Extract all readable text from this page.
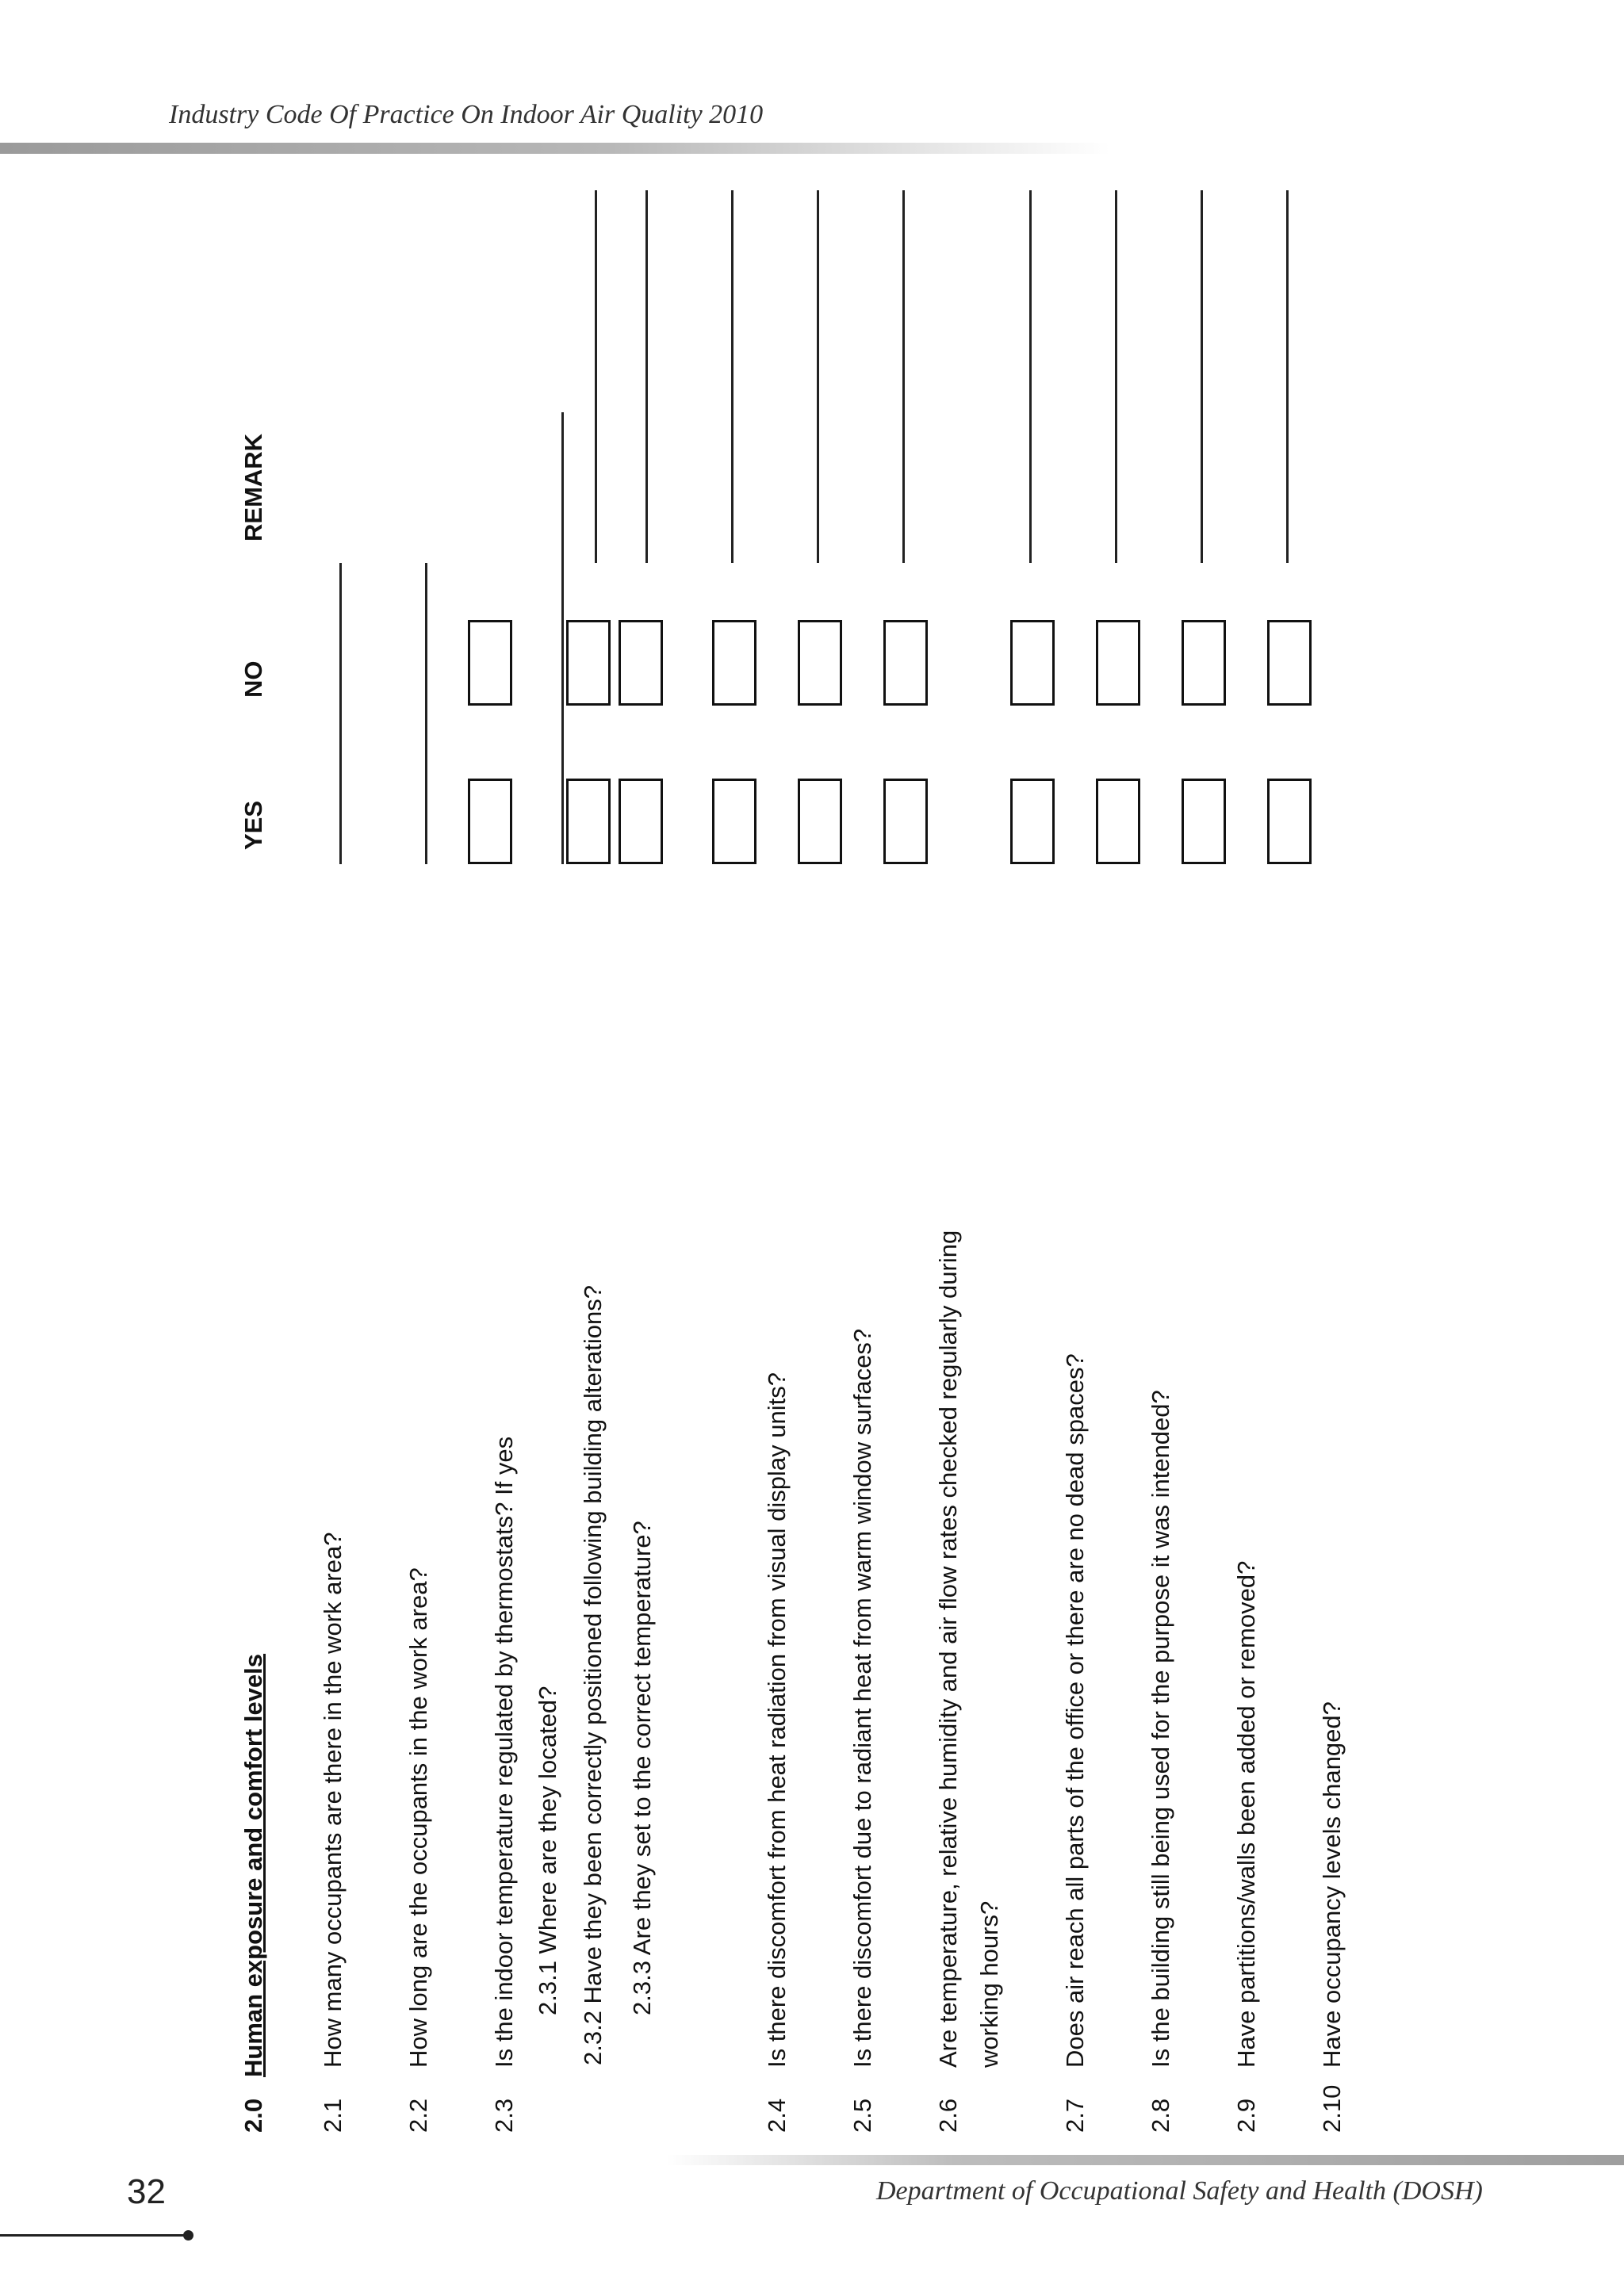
Industry Code Of Practice On Indoor Air Quality 2010
2.0
Human exposure and comfort levels
YES
NO
REMARK
2.1
How many occupants are there in the work area?
2.2
How long are the occupants in the work area?
2.3
Is the indoor temperature regulated by thermostats? If yes 2.3.1 Where are they located? 2.3.2 Have they been correctly positioned following building alterations? 2.3.3 Are they set to the correct temperature?
2.4
Is there discomfort from heat radiation from visual display units?
2.5
Is there discomfort due to radiant heat from warm window surfaces?
2.6
Are temperature, relative humidity and air flow rates checked regularly during working hours?
2.7
Does air reach all parts of the office or there are no dead spaces?
2.8
Is the building still being used for the purpose it was intended?
2.9
Have partitions/walls been added or removed?
2.10
Have occupancy levels changed?
Department of Occupational Safety and Health (DOSH)
32
